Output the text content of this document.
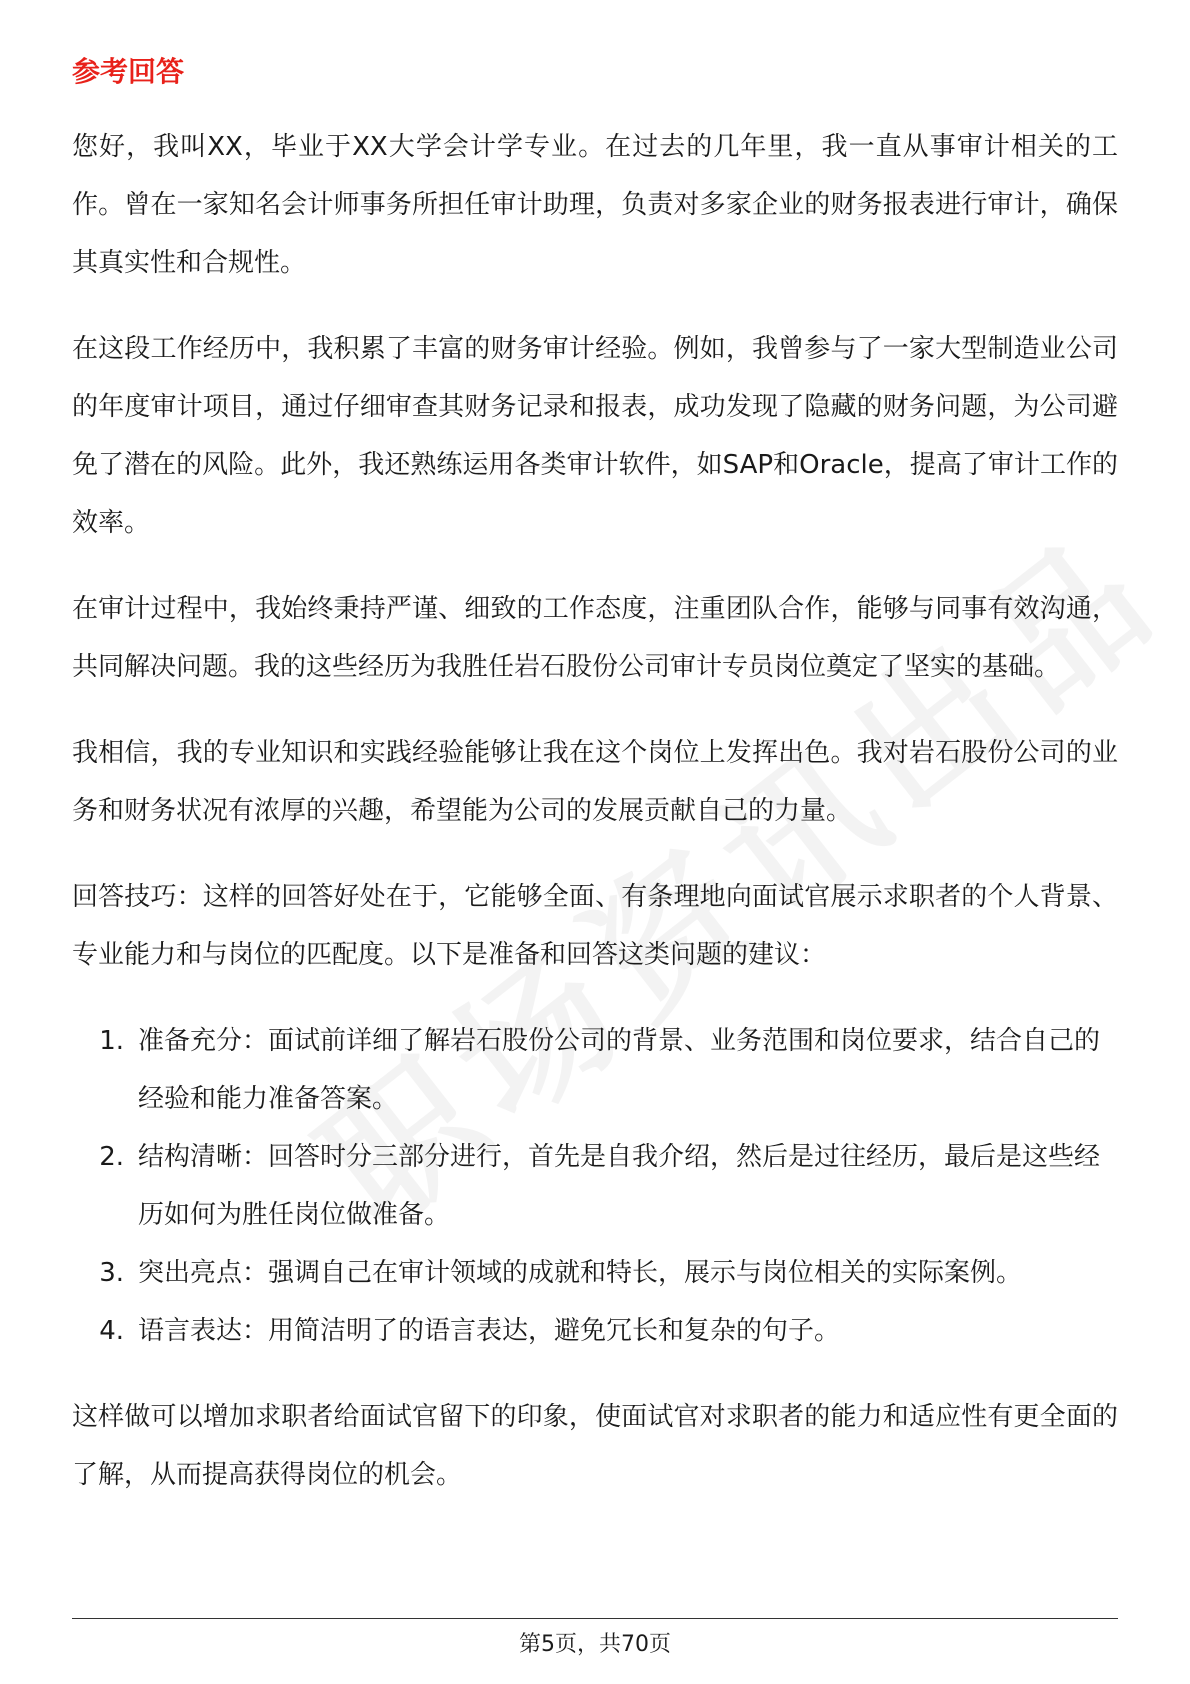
参考回答

您好，我叫XX，毕业于XX大学会计学专业。在过去的几年里，我一直从事审计相关的工作。曾在一家知名会计师事务所担任审计助理，负责对多家企业的财务报表进行审计，确保其真实性和合规性。

在这段工作经历中，我积累了丰富的财务审计经验。例如，我曾参与了一家大型制造业公司的年度审计项目，通过仔细审查其财务记录和报表，成功发现了隐藏的财务问题，为公司避免了潜在的风险。此外，我还熟练运用各类审计软件，如SAP和Oracle，提高了审计工作的效率。

在审计过程中，我始终秉持严谨、细致的工作态度，注重团队合作，能够与同事有效沟通，共同解决问题。我的这些经历为我胜任岩石股份公司审计专员岗位奠定了坚实的基础。

我相信，我的专业知识和实践经验能够让我在这个岗位上发挥出色。我对岩石股份公司的业务和财务状况有浓厚的兴趣，希望能为公司的发展贡献自己的力量。

回答技巧：这样的回答好处在于，它能够全面、有条理地向面试官展示求职者的个人背景、专业能力和与岗位的匹配度。以下是准备和回答这类问题的建议：

1. 准备充分：面试前详细了解岩石股份公司的背景、业务范围和岗位要求，结合自己的经验和能力准备答案。
2. 结构清晰：回答时分三部分进行，首先是自我介绍，然后是过往经历，最后是这些经历如何为胜任岗位做准备。
3. 突出亮点：强调自己在审计领域的成就和特长，展示与岗位相关的实际案例。
4. 语言表达：用简洁明了的语言表达，避免冗长和复杂的句子。

这样做可以增加求职者给面试官留下的印象，使面试官对求职者的能力和适应性有更全面的了解，从而提高获得岗位的机会。

第5页，共70页
